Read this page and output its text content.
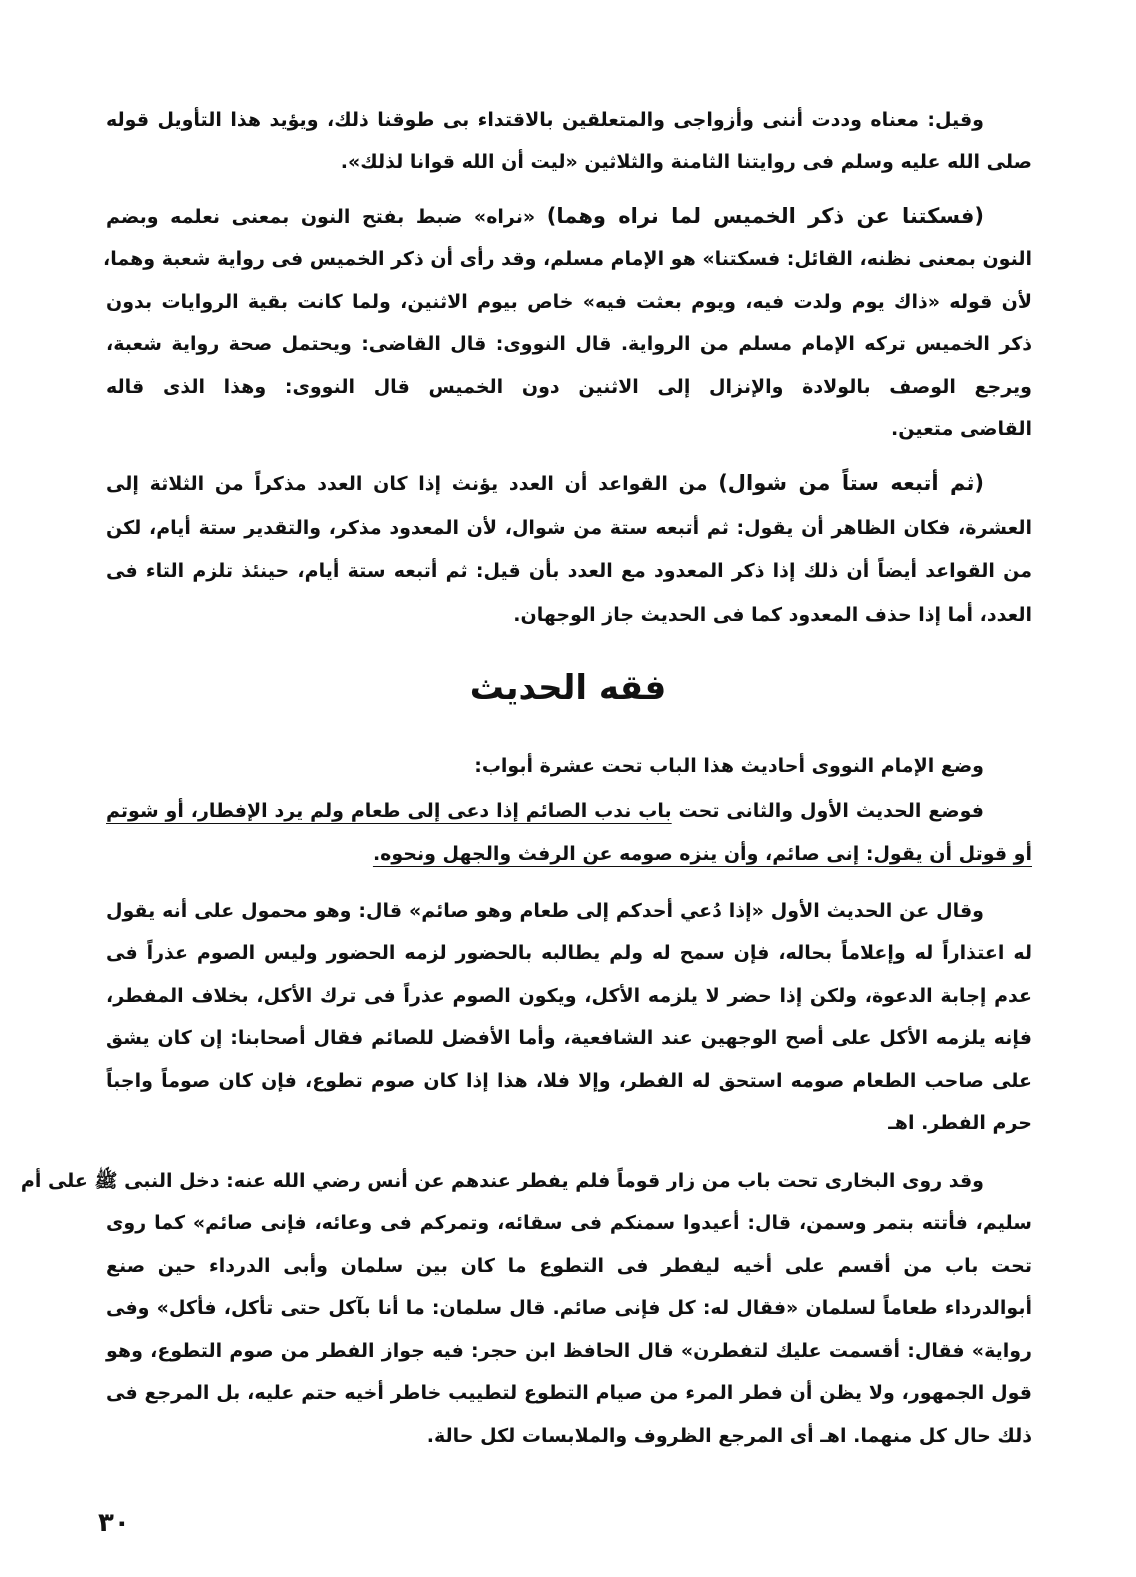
وقيل: معناه وددت أننى وأزواجى والمتعلقين بالاقتداء بى طوقنا ذلك، ويؤيد هذا التأويل قوله
صلى الله عليه وسلم فى روايتنا الثامنة والثلاثين «ليت أن الله قوانا لذلك».
(فسكتنا عن ذكر الخميس لما نراه وهما) «نراه» ضبط بفتح النون بمعنى نعلمه وبضم
النون بمعنى نظنه، القائل: فسكتنا» هو الإمام مسلم، وقد رأى أن ذكر الخميس فى رواية شعبة وهما،
لأن قوله «ذاك يوم ولدت فيه، ويوم بعثت فيه» خاص بيوم الاثنين، ولما كانت بقية الروايات بدون
ذكر الخميس تركه الإمام مسلم من الرواية. قال النووى: قال القاضى: ويحتمل صحة رواية شعبة،
ويرجع الوصف بالولادة والإنزال إلى الاثنين دون الخميس قال النووى: وهذا الذى قاله
القاضى متعين.
(ثم أتبعه ستاً من شوال) من القواعد أن العدد يؤنث إذا كان العدد مذكراً من الثلاثة إلى
العشرة، فكان الظاهر أن يقول: ثم أتبعه ستة من شوال، لأن المعدود مذكر، والتقدير ستة أيام، لكن
من القواعد أيضاً أن ذلك إذا ذكر المعدود مع العدد بأن قيل: ثم أتبعه ستة أيام، حينئذ تلزم التاء فى
العدد، أما إذا حذف المعدود كما فى الحديث جاز الوجهان.
فقه الحديث
وضع الإمام النووى أحاديث هذا الباب تحت عشرة أبواب:
فوضع الحديث الأول والثانى تحت باب ندب الصائم إذا دعى إلى طعام ولم يرد الإفطار، أو شوتم
أو قوتل أن يقول: إنى صائم، وأن ينزه صومه عن الرفث والجهل ونحوه.
وقال عن الحديث الأول «إذا دُعي أحدكم إلى طعام وهو صائم» قال: وهو محمول على أنه يقول
له اعتذاراً له وإعلاماً بحاله، فإن سمح له ولم يطالبه بالحضور لزمه الحضور وليس الصوم عذراً فى
عدم إجابة الدعوة، ولكن إذا حضر لا يلزمه الأكل، ويكون الصوم عذراً فى ترك الأكل، بخلاف المفطر،
فإنه يلزمه الأكل على أصح الوجهين عند الشافعية، وأما الأفضل للصائم فقال أصحابنا: إن كان يشق
على صاحب الطعام صومه استحق له الفطر، وإلا فلا، هذا إذا كان صوم تطوع، فإن كان صوماً واجباً
حرم الفطر. اهـ
وقد روى البخارى تحت باب من زار قوماً فلم يفطر عندهم عن أنس رضي الله عنه: دخل النبى ﷺ على أم
سليم، فأتته بتمر وسمن، قال: أعيدوا سمنكم فى سقائه، وتمركم فى وعائه، فإنى صائم» كما روى
تحت باب من أقسم على أخيه ليفطر فى التطوع ما كان بين سلمان وأبى الدرداء حين صنع
أبوالدرداء طعاماً لسلمان «فقال له: كل فإنى صائم. قال سلمان: ما أنا بآكل حتى تأكل، فأكل» وفى
رواية» فقال: أقسمت عليك لتفطرن» قال الحافظ ابن حجر: فيه جواز الفطر من صوم التطوع، وهو
قول الجمهور، ولا يظن أن فطر المرء من صيام التطوع لتطييب خاطر أخيه حتم عليه، بل المرجع فى
ذلك حال كل منهما. اهـ أى المرجع الظروف والملابسات لكل حالة.
٣٠
